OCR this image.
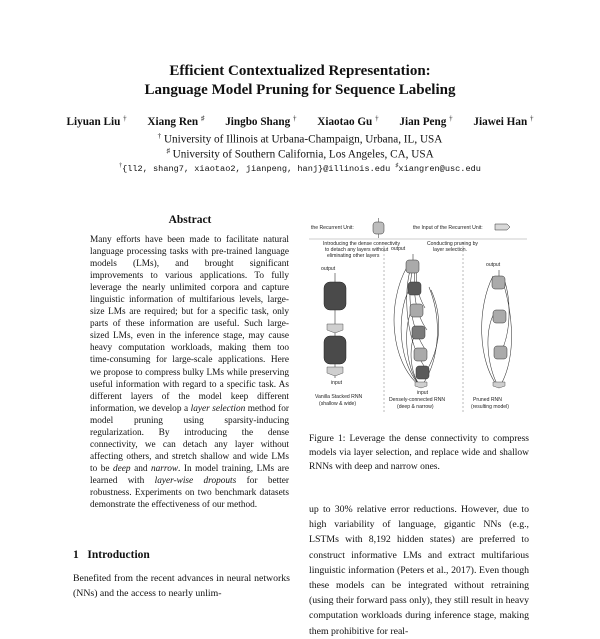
Efficient Contextualized Representation:
Language Model Pruning for Sequence Labeling
Liyuan Liu † Xiang Ren ♯ Jingbo Shang † Xiaotao Gu † Jian Peng † Jiawei Han †
† University of Illinois at Urbana-Champaign, Urbana, IL, USA
♯ University of Southern California, Los Angeles, CA, USA
†{ll2, shang7, xiaotao2, jianpeng, hanj}@illinois.edu ♯xiangren@usc.edu
Abstract
Many efforts have been made to facilitate natural language processing tasks with pre-trained language models (LMs), and brought significant improvements to various applications. To fully leverage the nearly unlimited corpora and capture linguistic information of multifarious levels, large-size LMs are required; but for a specific task, only parts of these information are useful. Such large-sized LMs, even in the inference stage, may cause heavy computation workloads, making them too time-consuming for large-scale applications. Here we propose to compress bulky LMs while preserving useful information with regard to a specific task. As different layers of the model keep different information, we develop a layer selection method for model pruning using sparsity-inducing regularization. By introducing the dense connectivity, we can detach any layer without affecting others, and stretch shallow and wide LMs to be deep and narrow. In model training, LMs are learned with layer-wise dropouts for better robustness. Experiments on two benchmark datasets demonstrate the effectiveness of our method.
1 Introduction
Benefited from the recent advances in neural networks (NNs) and the access to nearly unlim-
the Recurrent Unit:	the Input of the Recurrent Unit:
Introducing the dense connectivity
to detach any layers without
eliminating other layers
Conducting pruning by
layer selection.
output
input
Vanilla Stacked RNN
(shallow & wide)
output
input
Densely-connected RNN
(deep & narrow)
output
Pruned RNN
(resulting model)
Figure 1: Leverage the dense connectivity to compress models via layer selection, and replace wide and shallow RNNs with deep and narrow ones.
up to 30% relative error reductions. However, due to high variability of language, gigantic NNs (e.g., LSTMs with 8,192 hidden states) are preferred to construct informative LMs and extract multifarious linguistic information (Peters et al., 2017). Even though these models can be integrated without retraining (using their forward pass only), they still result in heavy computation workloads during inference stage, making them prohibitive for real-
